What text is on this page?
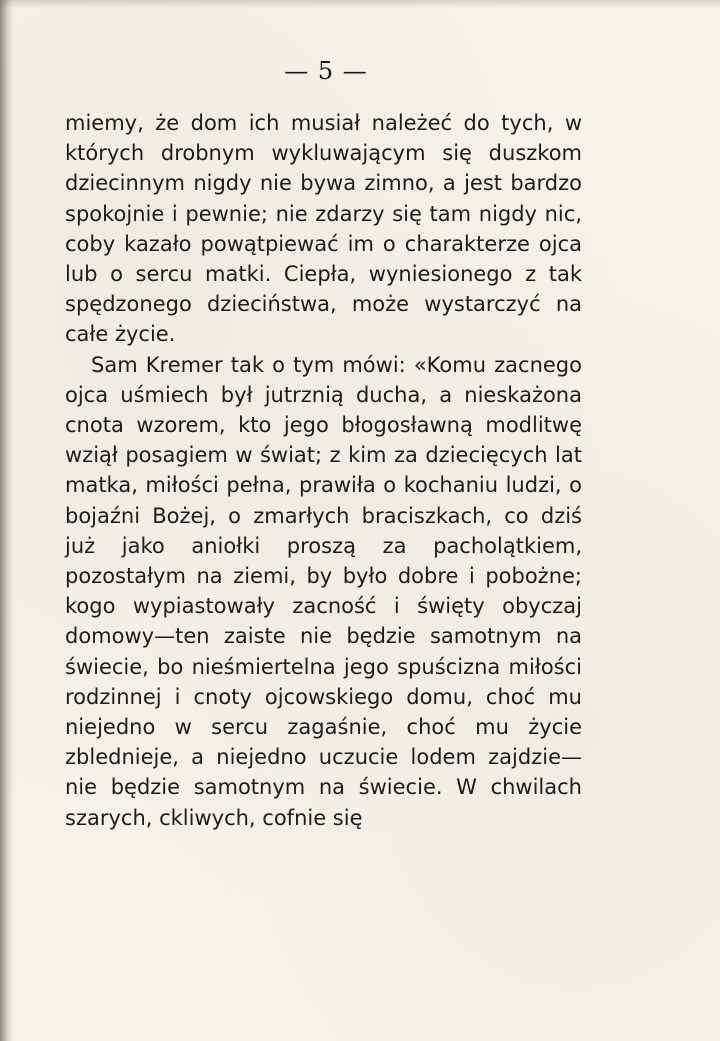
— 5 —

miemy, że dom ich musiał należeć do tych, w których drobnym wykluwającym się duszkom dziecinnym nigdy nie bywa zimno, a jest bardzo spokojnie i pewnie; nie zdarzy się tam nigdy nic, coby kazało powątpiewać im o charakterze ojca lub o sercu matki. Ciepła, wyniesionego z tak spędzonego dzieciństwa, może wystarczyć na całe życie.

Sam Kremer tak o tym mówi: «Komu zacnego ojca uśmiech był jutrznią ducha, a nieskażona cnota wzorem, kto jego błogosławną modlitwę wziął posagiem w świat; z kim za dziecięcych lat matka, miłości pełna, prawiła o kochaniu ludzi, o bojaźni Bożej, o zmarłych braciszkach, co dziś już jako aniołki proszą za pacholątkiem, pozostałym na ziemi, by było dobre i pobożne; kogo wypiastowały zacność i święty obyczaj domowy—ten zaiste nie będzie samotnym na świecie, bo nieśmiertelna jego spuścizna miłości rodzinnej i cnoty ojcowskiego domu, choć mu niejedno w sercu zagaśnie, choć mu życie zblednieje, a niejedno uczucie lodem zajdzie—nie będzie samotnym na świecie. W chwilach szarych, ckliwych, cofnie się
